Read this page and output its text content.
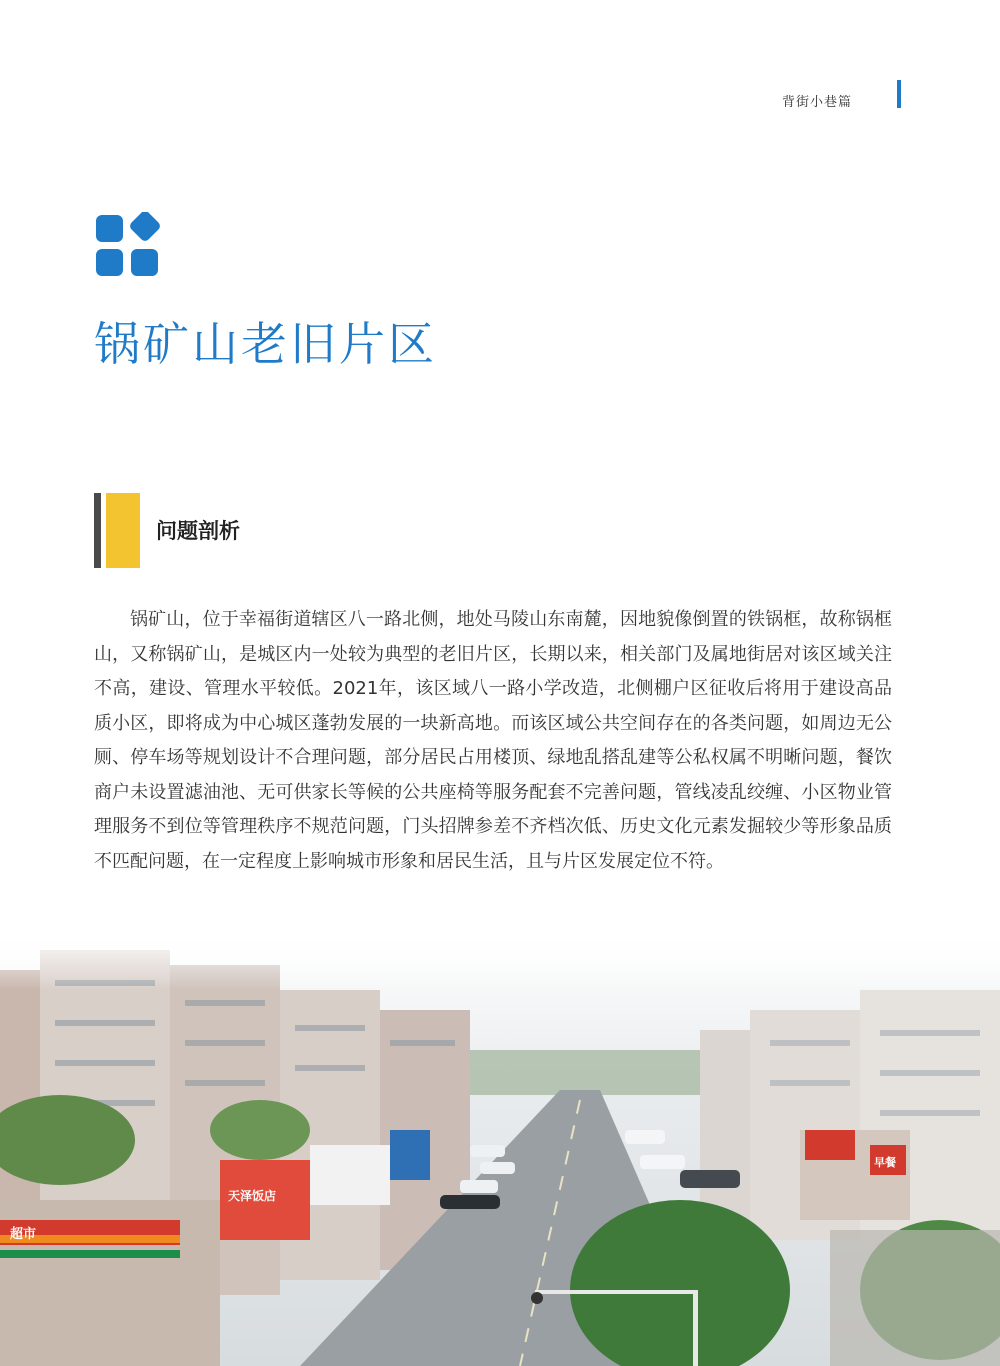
背街小巷篇
锅矿山老旧片区
问题剖析

锅矿山，位于幸福街道辖区八一路北侧，地处马陵山东南麓，因地貌像倒置的铁锅框，故称锅框山，又称锅矿山，是城区内一处较为典型的老旧片区，长期以来，相关部门及属地街居对该区域关注不高，建设、管理水平较低。2021年，该区域八一路小学改造，北侧棚户区征收后将用于建设高品质小区，即将成为中心城区蓬勃发展的一块新高地。而该区域公共空间存在的各类问题，如周边无公厕、停车场等规划设计不合理问题，部分居民占用楼顶、绿地乱搭乱建等公私权属不明晰问题，餐饮商户未设置滤油池、无可供家长等候的公共座椅等服务配套不完善问题，管线凌乱绞缠、小区物业管理服务不到位等管理秩序不规范问题，门头招牌参差不齐档次低、历史文化元素发掘较少等形象品质不匹配问题，在一定程度上影响城市形象和居民生活，且与片区发展定位不符。

超市
天泽饭店
早餐
